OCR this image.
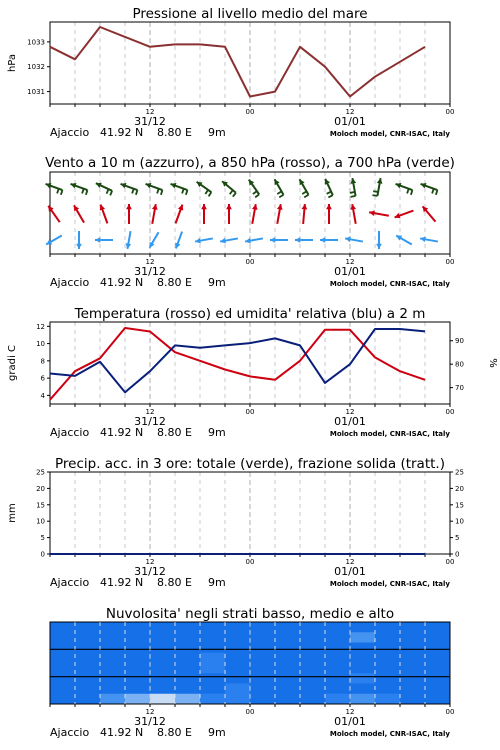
12	00	12	00
31/12	01/01
Ajaccio 41.92 N 8.80 E 9m	Moloch model, CNR-ISAC, Italy
Pressione al livello medio del mare
1031
1032
1033
hPa
12	00	12	00
31/12	01/01
Ajaccio 41.92 N 8.80 E 9m	Moloch model, CNR-ISAC, Italy
Vento a 10 m (azzurro), a 850 hPa (rosso), a 700 hPa (verde)
12	00	12	00
31/12	01/01
Ajaccio 41.92 N 8.80 E 9m	Moloch model, CNR-ISAC, Italy
Temperatura (rosso) ed umidita' relativa (blu) a 2 m
4
6
8
10
12
70
80
90
gradi C	%
12	00	12	00
31/12	01/01
Ajaccio 41.92 N 8.80 E 9m	Moloch model, CNR-ISAC, Italy
Precip. acc. in 3 ore: totale (verde), frazione solida (tratt.)
0
5
10
15
20
25
0
5
10
15
20
25
mm
12	00	12	00
31/12	01/01
Ajaccio 41.92 N 8.80 E 9m	Moloch model, CNR-ISAC, Italy
Nuvolosita' negli strati basso, medio e alto
